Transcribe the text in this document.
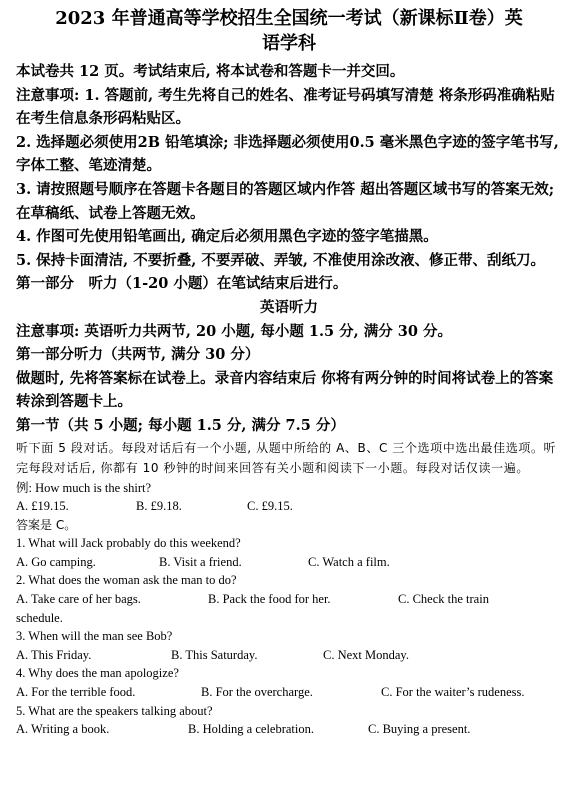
2023 年普通高等学校招生全国统一考试（新课标Ⅱ卷）英
语学科
本试卷共 12 页。考试结束后, 将本试卷和答题卡一并交回。
注意事项: 1. 答题前, 考生先将自己的姓名、准考证号码填写清楚 将条形码准确粘贴在考生信息条形码粘贴区。
2. 选择题必须使用2B 铅笔填涂; 非选择题必须使用0.5 毫米黑色字迹的签字笔书写, 字体工整、笔迹清楚。
3. 请按照题号顺序在答题卡各题目的答题区域内作答 超出答题区域书写的答案无效; 在草稿纸、试卷上答题无效。
4. 作图可先使用铅笔画出, 确定后必须用黑色字迹的签字笔描黑。
5. 保持卡面清洁, 不要折叠, 不要弄破、弄皱, 不准使用涂改液、修正带、刮纸刀。
第一部分　听力（1-20 小题）在笔试结束后进行。
英语听力
注意事项: 英语听力共两节, 20 小题, 每小题 1.5 分, 满分 30 分。
第一部分听力（共两节, 满分 30 分）
做题时, 先将答案标在试卷上。录音内容结束后 你将有两分钟的时间将试卷上的答案转涂到答题卡上。
第一节（共 5 小题; 每小题 1.5 分, 满分 7.5 分）
听下面 5 段对话。每段对话后有一个小题, 从题中所给的 A、B、C 三个选项中选出最佳选项。听完每段对话后, 你都有 10 秒钟的时间来回答有关小题和阅读下一小题。每段对话仅读一遍。
例: How much is the shirt?
A. £19.15.	B. £9.18.	C. £9.15.
答案是 C。
1. What will Jack probably do this weekend?
A. Go camping.	B. Visit a friend.	C. Watch a film.
2. What does the woman ask the man to do?
A. Take care of her bags.	B. Pack the food for her.	C. Check the train
schedule.
3. When will the man see Bob?
A. This Friday.	B. This Saturday.	C. Next Monday.
4. Why does the man apologize?
A. For the terrible food.	B. For the overcharge.	C. For the waiter’s rudeness.
5. What are the speakers talking about?
A. Writing a book.	B. Holding a celebration.	C. Buying a present.
